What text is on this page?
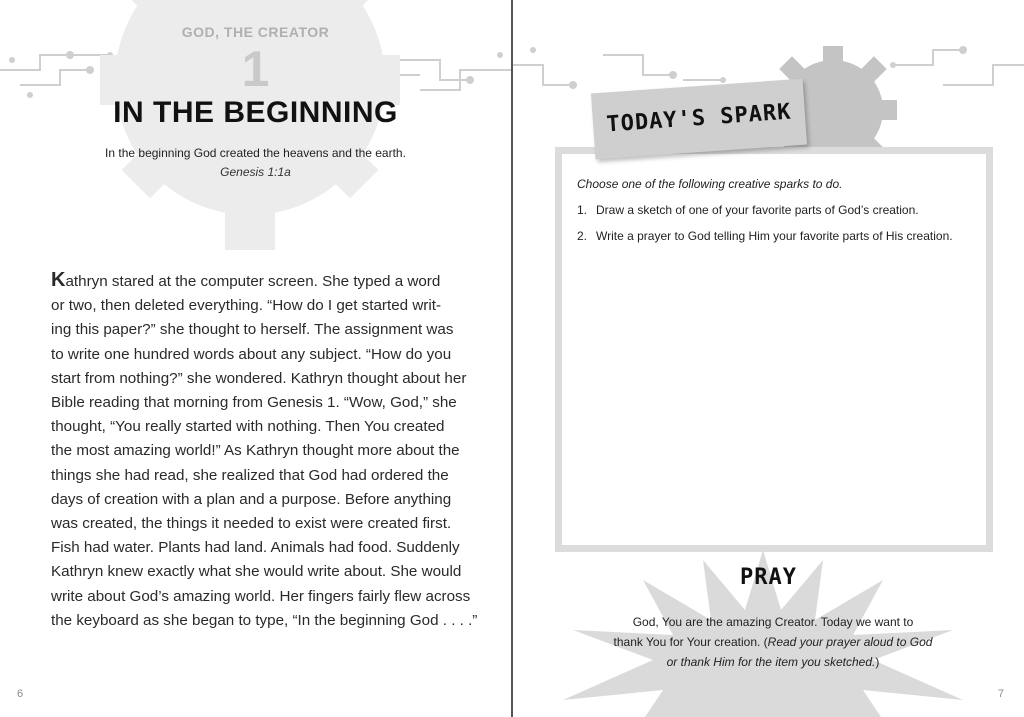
GOD, THE CREATOR
1
IN THE BEGINNING
In the beginning God created the heavens and the earth.
Genesis 1:1a
Kathryn stared at the computer screen. She typed a word
or two, then deleted everything. “How do I get started writ-
ing this paper?” she thought to herself. The assignment was
to write one hundred words about any subject. “How do you
start from nothing?” she wondered. Kathryn thought about her
Bible reading that morning from Genesis 1. “Wow, God,” she
thought, “You really started with nothing. Then You created
the most amazing world!” As Kathryn thought more about the
things she had read, she realized that God had ordered the
days of creation with a plan and a purpose. Before anything
was created, the things it needed to exist were created first.
Fish had water. Plants had land. Animals had food. Suddenly
Kathryn knew exactly what she would write about. She would
write about God’s amazing world. Her fingers fairly flew across
the keyboard as she began to type, “In the beginning God . . . .”
6
TODAY'S SPARK
Choose one of the following creative sparks to do.
1. Draw a sketch of one of your favorite parts of God’s creation.
2. Write a prayer to God telling Him your favorite parts of His creation.
PRAY
God, You are the amazing Creator. Today we want to
thank You for Your creation. (Read your prayer aloud to God
or thank Him for the item you sketched.)
7
